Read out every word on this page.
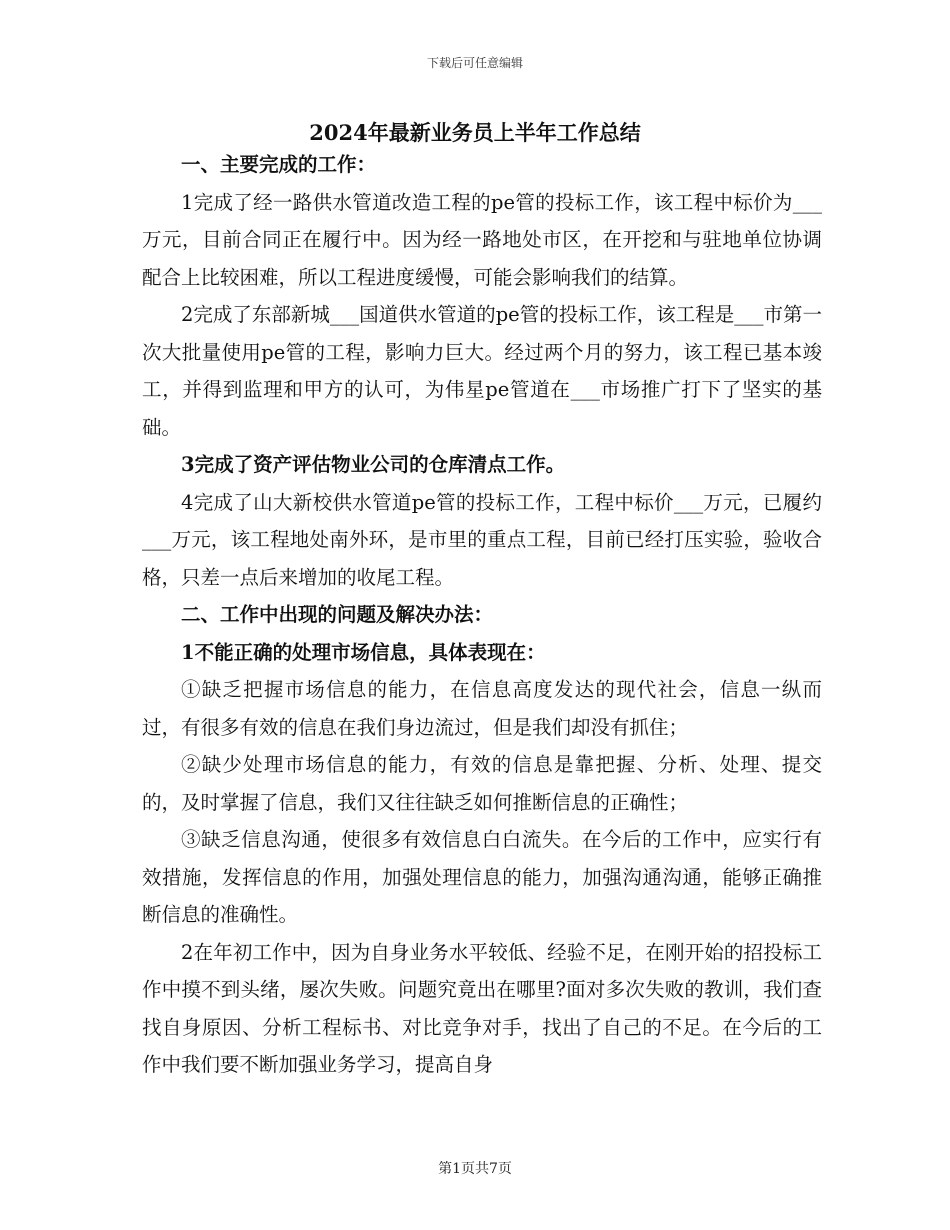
下载后可任意编辑
2024年最新业务员上半年工作总结

一、主要完成的工作：

1完成了经一路供水管道改造工程的pe管的投标工作，该工程中标价为___万元，目前合同正在履行中。因为经一路地处市区，在开挖和与驻地单位协调配合上比较困难，所以工程进度缓慢，可能会影响我们的结算。

2完成了东部新城___国道供水管道的pe管的投标工作，该工程是___市第一次大批量使用pe管的工程，影响力巨大。经过两个月的努力，该工程已基本竣工，并得到监理和甲方的认可，为伟星pe管道在___市场推广打下了坚实的基础。

3完成了资产评估物业公司的仓库清点工作。

4完成了山大新校供水管道pe管的投标工作，工程中标价___万元，已履约___万元，该工程地处南外环，是市里的重点工程，目前已经打压实验，验收合格，只差一点后来增加的收尾工程。

二、工作中出现的问题及解决办法：

1不能正确的处理市场信息，具体表现在：

①缺乏把握市场信息的能力，在信息高度发达的现代社会，信息一纵而过，有很多有效的信息在我们身边流过，但是我们却没有抓住；

②缺少处理市场信息的能力，有效的信息是靠把握、分析、处理、提交的，及时掌握了信息，我们又往往缺乏如何推断信息的正确性；

③缺乏信息沟通，使很多有效信息白白流失。在今后的工作中，应实行有效措施，发挥信息的作用，加强处理信息的能力，加强沟通沟通，能够正确推断信息的准确性。

2在年初工作中，因为自身业务水平较低、经验不足，在刚开始的招投标工作中摸不到头绪，屡次失败。问题究竟出在哪里?面对多次失败的教训，我们查找自身原因、分析工程标书、对比竞争对手，找出了自己的不足。在今后的工作中我们要不断加强业务学习，提高自身

第1页共7页
